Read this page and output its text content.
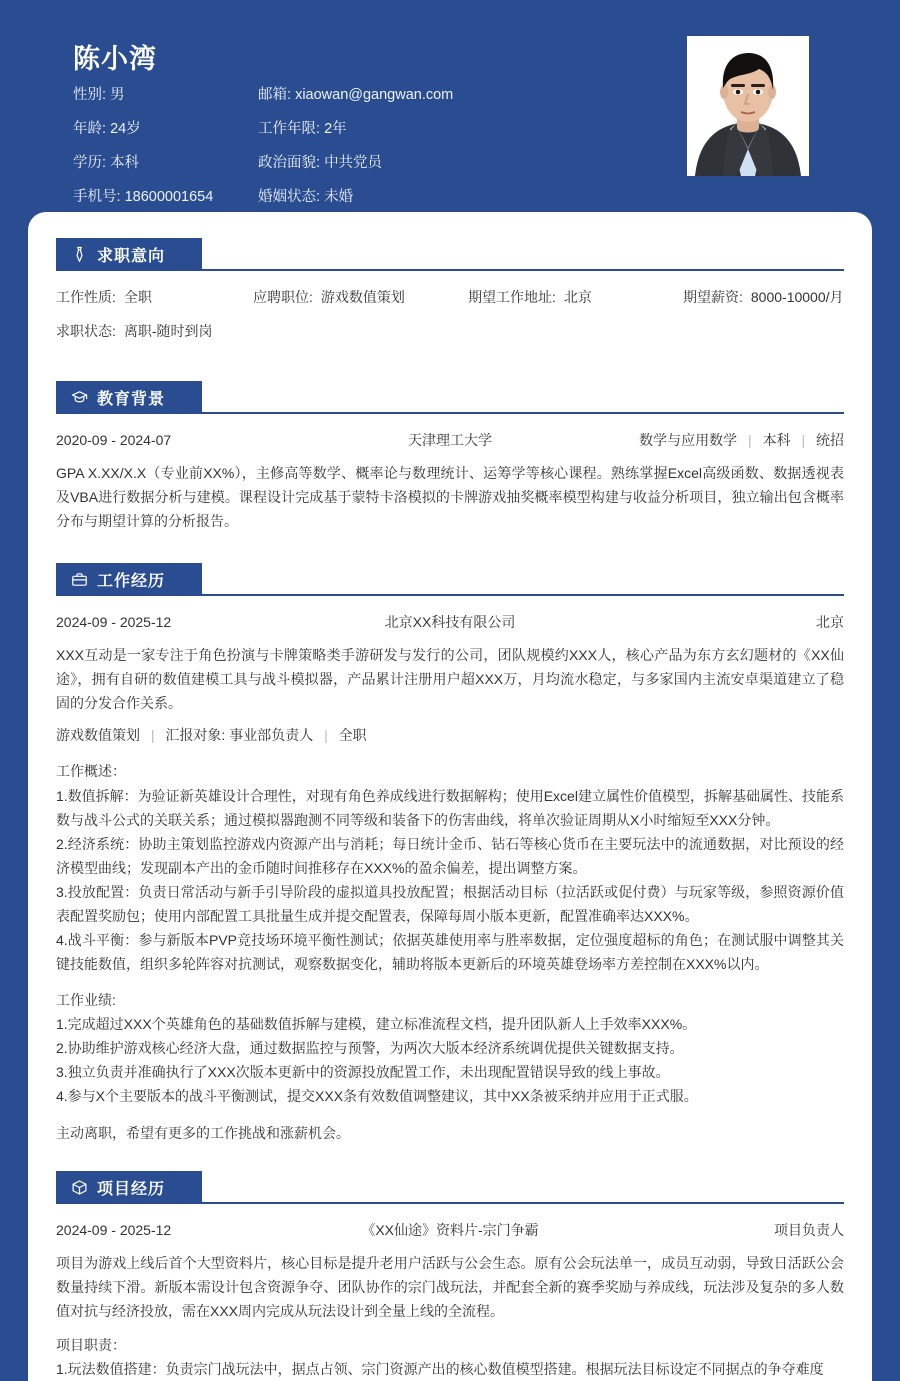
陈小湾
性别: 男	邮箱: xiaowan@gangwan.com
年龄: 24岁	工作年限: 2年
学历: 本科	政治面貌: 中共党员
手机号: 18600001654	婚姻状态: 未婚
求职意向
工作性质: 全职	应聘职位: 游戏数值策划	期望工作地址: 北京	期望薪资: 8000-10000/月
求职状态: 离职-随时到岗
教育背景
2020-09 - 2024-07	天津理工大学	数学与应用数学 | 本科 | 统招
GPA X.XX/X.X（专业前XX%），主修高等数学、概率论与数理统计、运筹学等核心课程。熟练掌握Excel高级函数、数据透视表及VBA进行数据分析与建模。课程设计完成基于蒙特卡洛模拟的卡牌游戏抽奖概率模型构建与收益分析项目，独立输出包含概率分布与期望计算的分析报告。
工作经历
2024-09 - 2025-12	北京XX科技有限公司	北京
XXX互动是一家专注于角色扮演与卡牌策略类手游研发与发行的公司，团队规模约XXX人，核心产品为东方玄幻题材的《XX仙途》，拥有自研的数值建模工具与战斗模拟器，产品累计注册用户超XXX万，月均流水稳定，与多家国内主流安卓渠道建立了稳固的分发合作关系。
游戏数值策划 | 汇报对象: 事业部负责人 | 全职
工作概述：
1.数值拆解：为验证新英雄设计合理性，对现有角色养成线进行数据解构；使用Excel建立属性价值模型，拆解基础属性、技能系数与战斗公式的关联关系；通过模拟器跑测不同等级和装备下的伤害曲线，将单次验证周期从X小时缩短至XXX分钟。
2.经济系统：协助主策划监控游戏内资源产出与消耗；每日统计金币、钻石等核心货币在主要玩法中的流通数据，对比预设的经济模型曲线；发现副本产出的金币随时间推移存在XXX%的盈余偏差，提出调整方案。
3.投放配置：负责日常活动与新手引导阶段的虚拟道具投放配置；根据活动目标（拉活跃或促付费）与玩家等级，参照资源价值表配置奖励包；使用内部配置工具批量生成并提交配置表，保障每周小版本更新，配置准确率达XXX%。
4.战斗平衡：参与新版本PVP竞技场环境平衡性测试；依据英雄使用率与胜率数据，定位强度超标的角色；在测试服中调整其关键技能数值，组织多轮阵容对抗测试，观察数据变化，辅助将版本更新后的环境英雄登场率方差控制在XXX%以内。
工作业绩:
1.完成超过XXX个英雄角色的基础数值拆解与建模，建立标准流程文档，提升团队新人上手效率XXX%。
2.协助维护游戏核心经济大盘，通过数据监控与预警，为两次大版本经济系统调优提供关键数据支持。
3.独立负责并准确执行了XXX次版本更新中的资源投放配置工作，未出现配置错误导致的线上事故。
4.参与X个主要版本的战斗平衡测试，提交XXX条有效数值调整建议，其中XX条被采纳并应用于正式服。
主动离职，希望有更多的工作挑战和涨薪机会。
项目经历
2024-09 - 2025-12	《XX仙途》资料片-宗门争霸	项目负责人
项目为游戏上线后首个大型资料片，核心目标是提升老用户活跃与公会生态。原有公会玩法单一，成员互动弱，导致日活跃公会数量持续下滑。新版本需设计包含资源争夺、团队协作的宗门战玩法，并配套全新的赛季奖励与养成线，玩法涉及复杂的多人数值对抗与经济投放，需在XXX周内完成从玩法设计到全量上线的全流程。
项目职责：
1.玩法数值搭建：负责宗门战玩法中，据点占领、宗门资源产出的核心数值模型搭建。根据玩法目标设定不同据点的争夺难度
